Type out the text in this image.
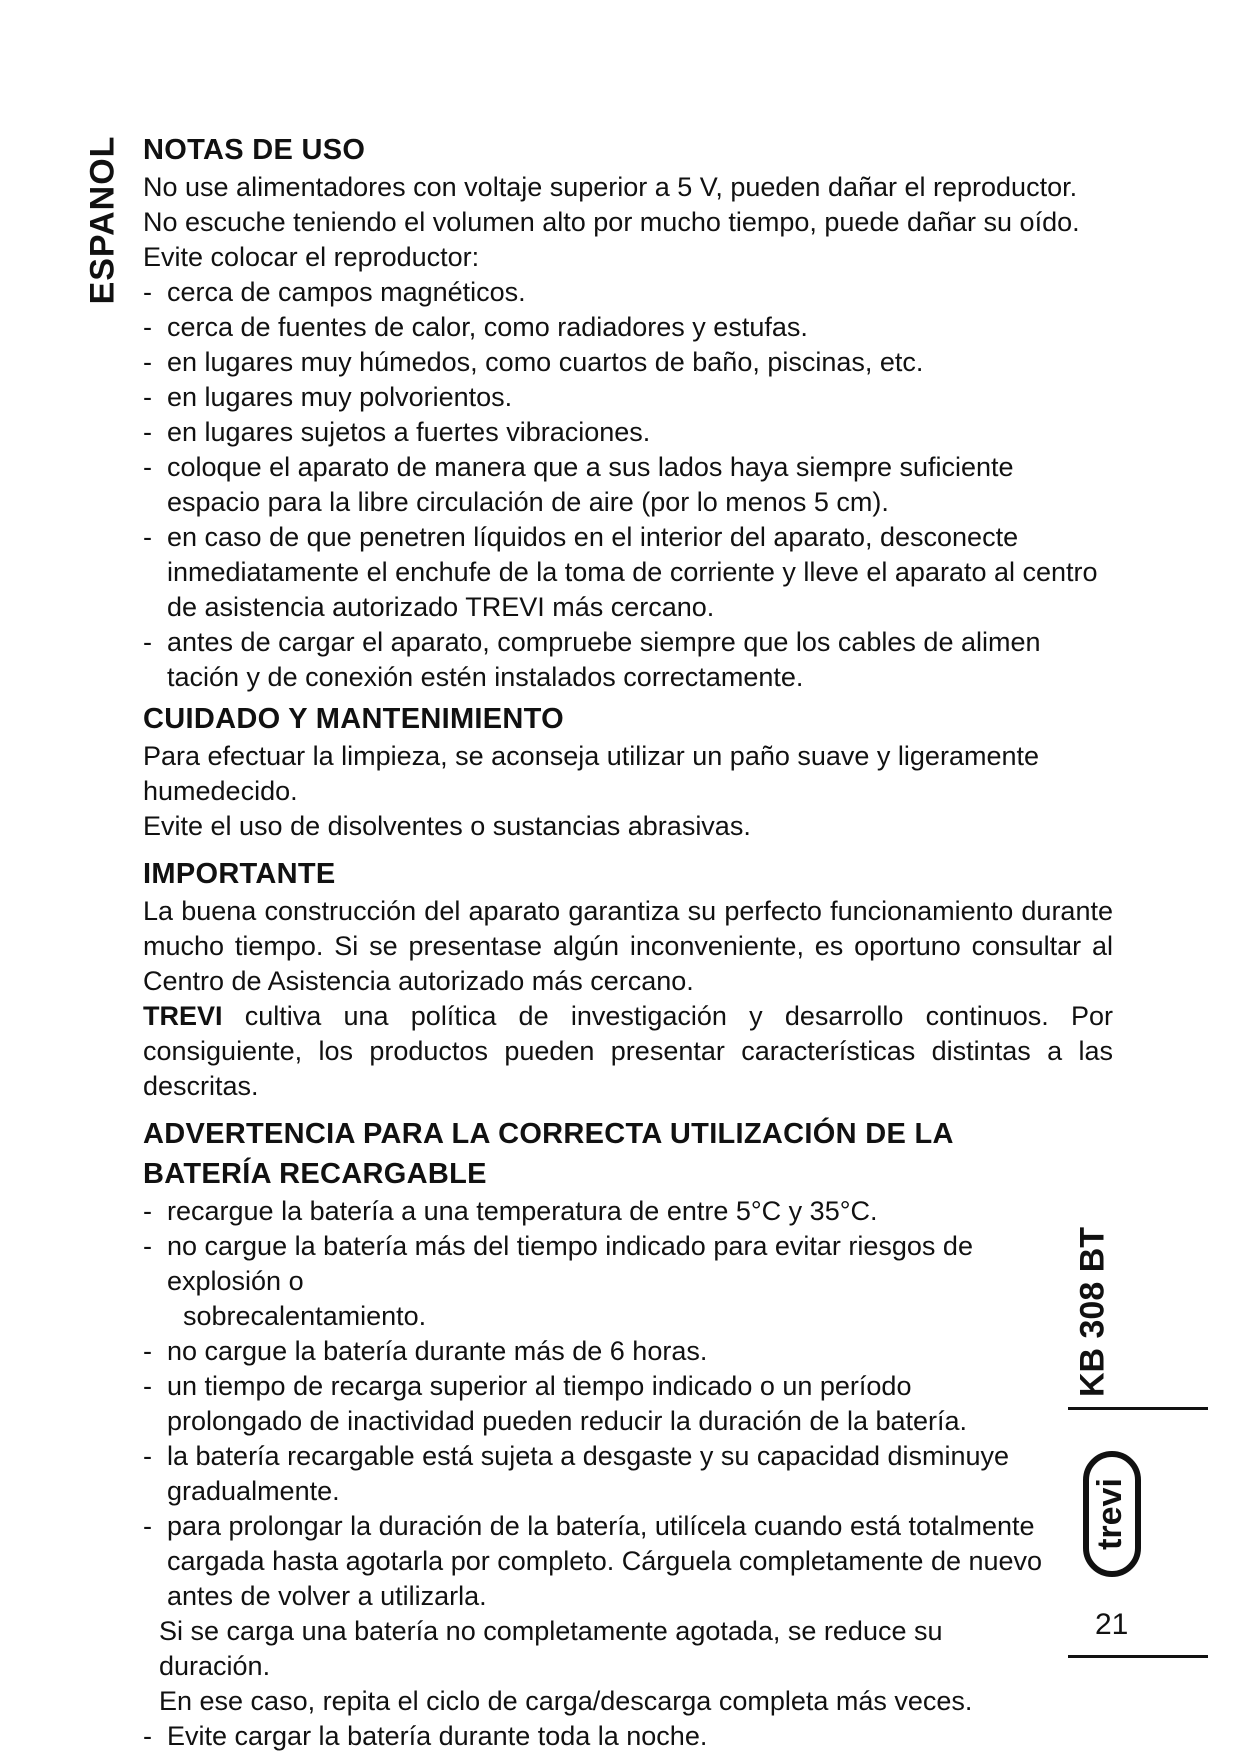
ESPANOL NOTAS DE USO

No use alimentadores con voltaje superior a 5 V, pueden dañar el reproductor.

No escuche teniendo el volumen alto por mucho tiempo, puede dañar su oído.

Evite colocar el reproductor:

- cerca de campos magnéticos.
- cerca de fuentes de calor, como radiadores y estufas.
- en lugares muy húmedos, como cuartos de baño, piscinas, etc.
- en lugares muy polvorientos.
- en lugares sujetos a fuertes vibraciones.
- coloque el aparato de manera que a sus lados haya siempre suficiente espacio para la libre circulación de aire (por lo menos 5 cm).
- en caso de que penetren líquidos en el interior del aparato, desconecte inmediatamente el enchufe de la toma de corriente y lleve el aparato al centro de asistencia autorizado TREVI más cercano.
- antes de cargar el aparato, compruebe siempre que los cables de alimen tación y de conexión estén instalados correctamente.
CUIDADO Y MANTENIMIENTO

Para efectuar la limpieza, se aconseja utilizar un paño suave y ligeramente humedecido.

Evite el uso de disolventes o sustancias abrasivas.

IMPORTANTE

La buena construcción del aparato garantiza su perfecto funcionamiento durante mucho tiempo. Si se presentase algún inconveniente, es oportuno consultar al Centro de Asistencia autorizado más cercano.

TREVI cultiva una política de investigación y desarrollo continuos. Por consiguiente, los productos pueden presentar características distintas a las descritas.

ADVERTENCIA PARA LA CORRECTA UTILIZACIÓN DE LA BATERÍA RECARGABLE
- recargue la batería a una temperatura de entre 5°C y 35°C.
- no cargue la batería más del tiempo indicado para evitar riesgos de explosión o
sobrecalentamiento.
- no cargue la batería durante más de 6 horas.
- un tiempo de recarga superior al tiempo indicado o un período prolongado de inactividad pueden reducir la duración de la batería.
- la batería recargable está sujeta a desgaste y su capacidad disminuye gradualmente.
- para prolongar la duración de la batería, utilícela cuando está totalmente cargada hasta agotarla por completo. Cárguela completamente de nuevo antes de volver a utilizarla.
Si se carga una batería no completamente agotada, se reduce su duración.
En ese caso, repita el ciclo de carga/descarga completa más veces.
- Evite cargar la batería durante toda la noche.
KB 308 BT
trevi
21
